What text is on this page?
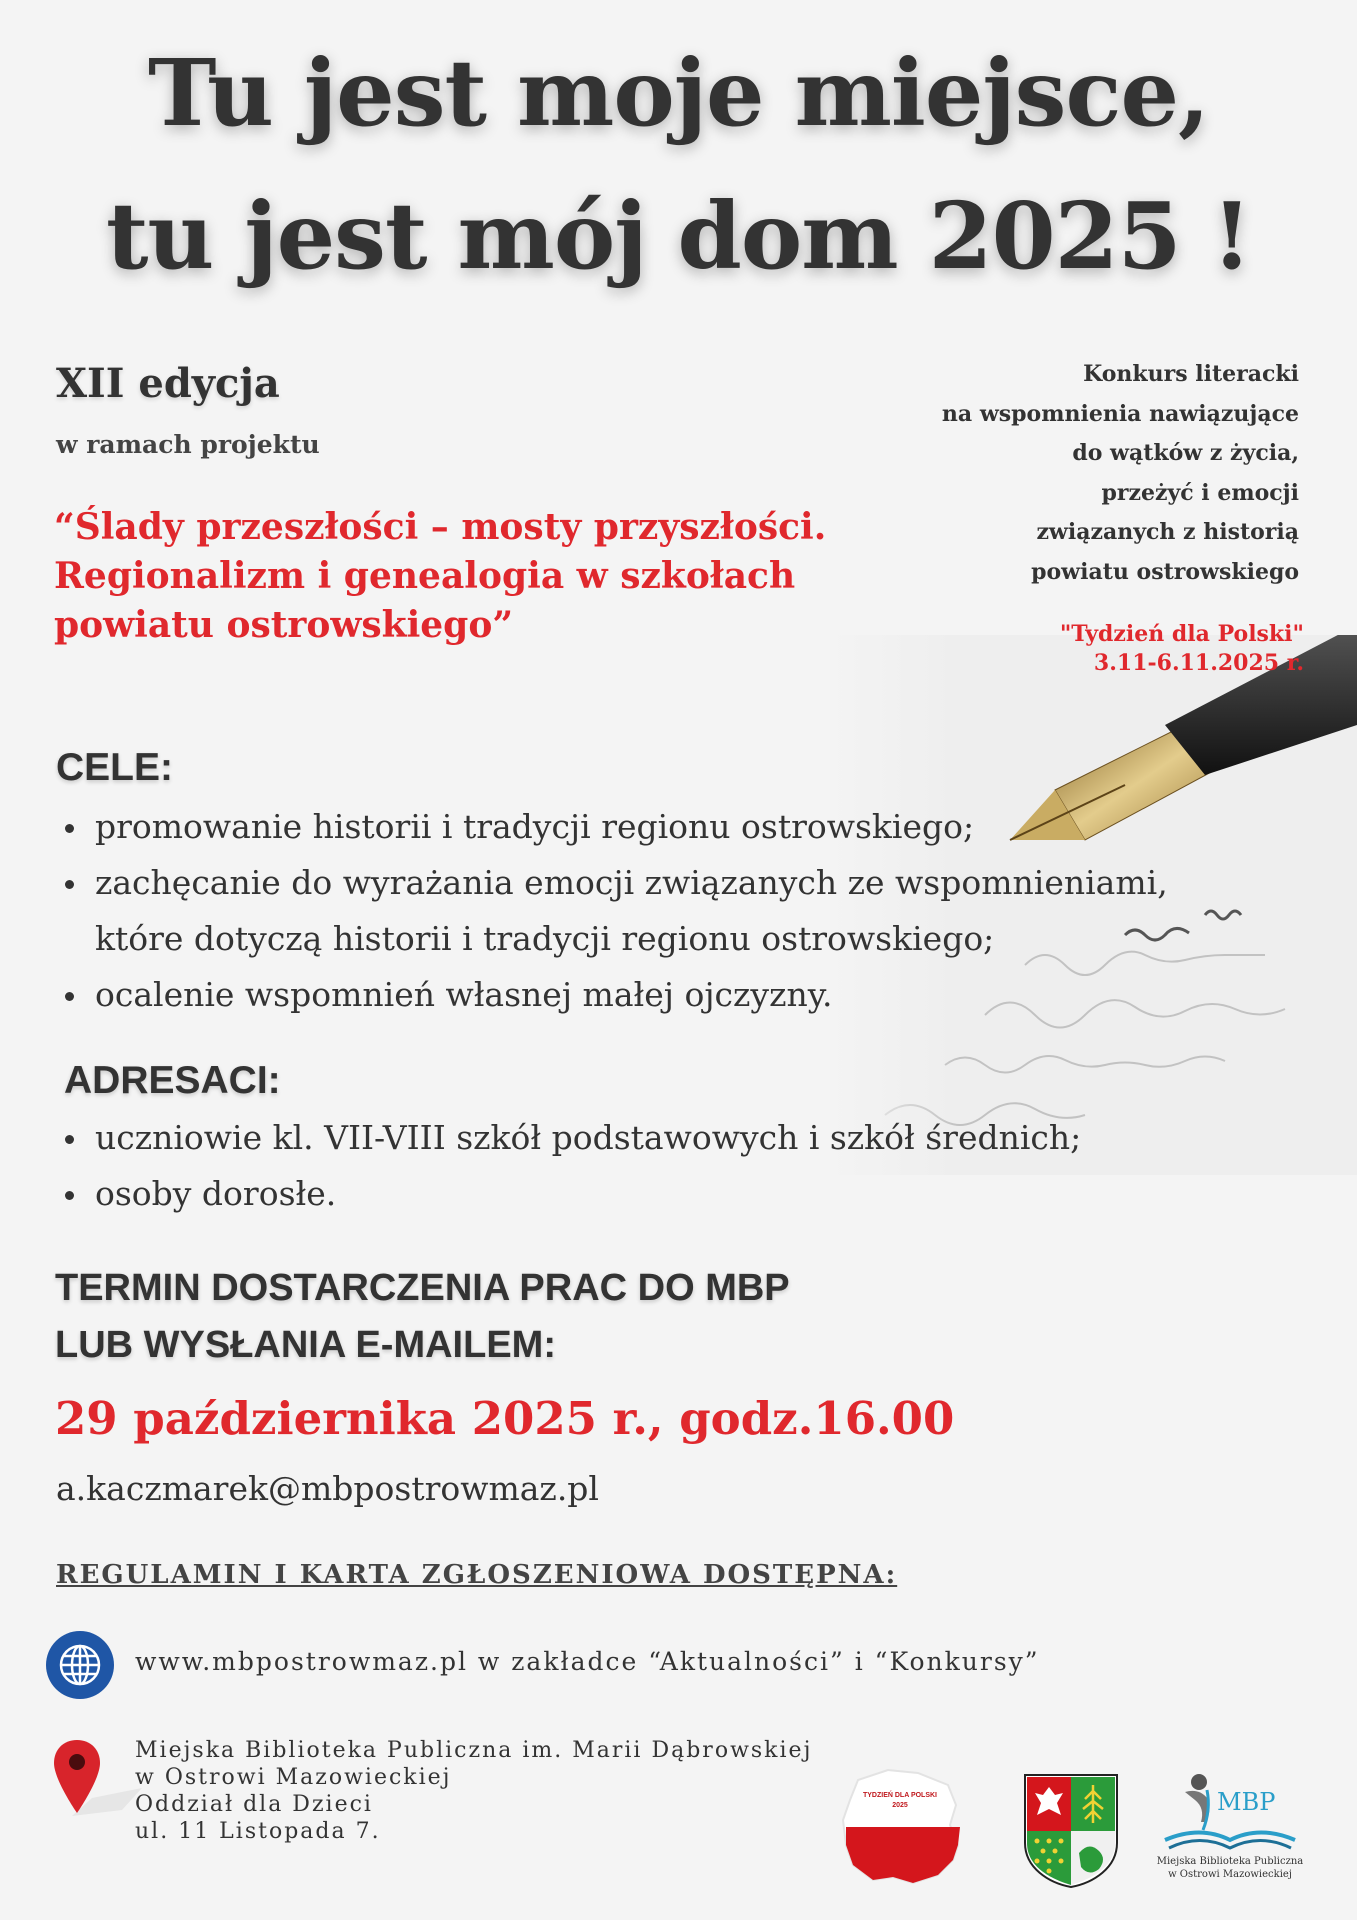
Tu jest moje miejsce,
tu jest mój dom 2025 !
XII edycja
w ramach projektu
“Ślady przeszłości – mosty przyszłości.
Regionalizm i genealogia w szkołach
powiatu ostrowskiego”
Konkurs literacki
na wspomnienia nawiązujące
do wątków z życia,
przeżyć i emocji
związanych z historią
powiatu ostrowskiego
"Tydzień dla Polski"
3.11-6.11.2025 r.
CELE:
promowanie historii i tradycji regionu ostrowskiego;
zachęcanie do wyrażania emocji związanych ze wspomnieniami,
które dotyczą historii i tradycji regionu ostrowskiego;
ocalenie wspomnień własnej małej ojczyzny.
ADRESACI:
uczniowie kl. VII-VIII szkół podstawowych i szkół średnich;
osoby dorosłe.
TERMIN DOSTARCZENIA PRAC DO MBP
LUB WYSŁANIA E-MAILEM:
29 października 2025 r., godz.16.00
a.kaczmarek@mbpostrowmaz.pl
REGULAMIN I KARTA ZGŁOSZENIOWA DOSTĘPNA:
www.mbpostrowmaz.pl w zakładce “Aktualności” i “Konkursy”
Miejska Biblioteka Publiczna im. Marii Dąbrowskiej
w Ostrowi Mazowieckiej
Oddział dla Dzieci
ul. 11 Listopada 7.
TYDZIEŃ DLA POLSKI
2025	MBP
Miejska Biblioteka Publiczna
w Ostrowi Mazowieckiej
